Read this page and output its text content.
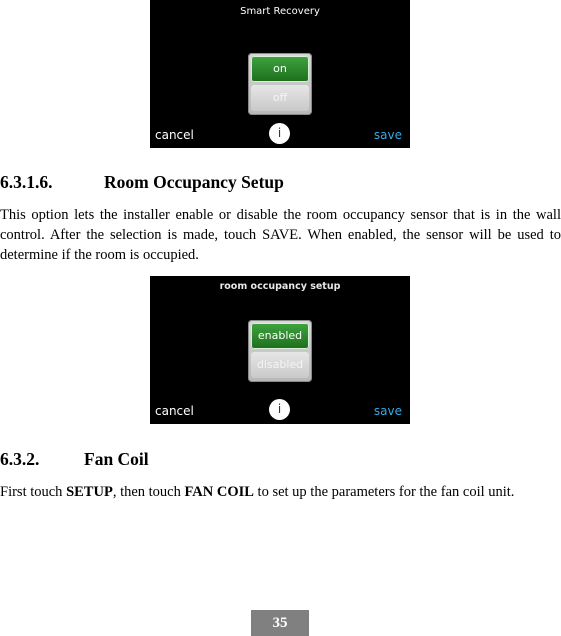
Smart Recovery
on
off
cancel	i	save
6.3.1.6.	Room Occupancy Setup
This option lets the installer enable or disable the room occupancy sensor that is in the wall control. After the selection is made, touch SAVE. When enabled, the sensor will be used to determine if the room is occupied.
room occupancy setup
enabled
disabled
cancel	i	save
6.3.2.	Fan Coil
First touch SETUP, then touch FAN COIL to set up the parameters for the fan coil unit.
35
